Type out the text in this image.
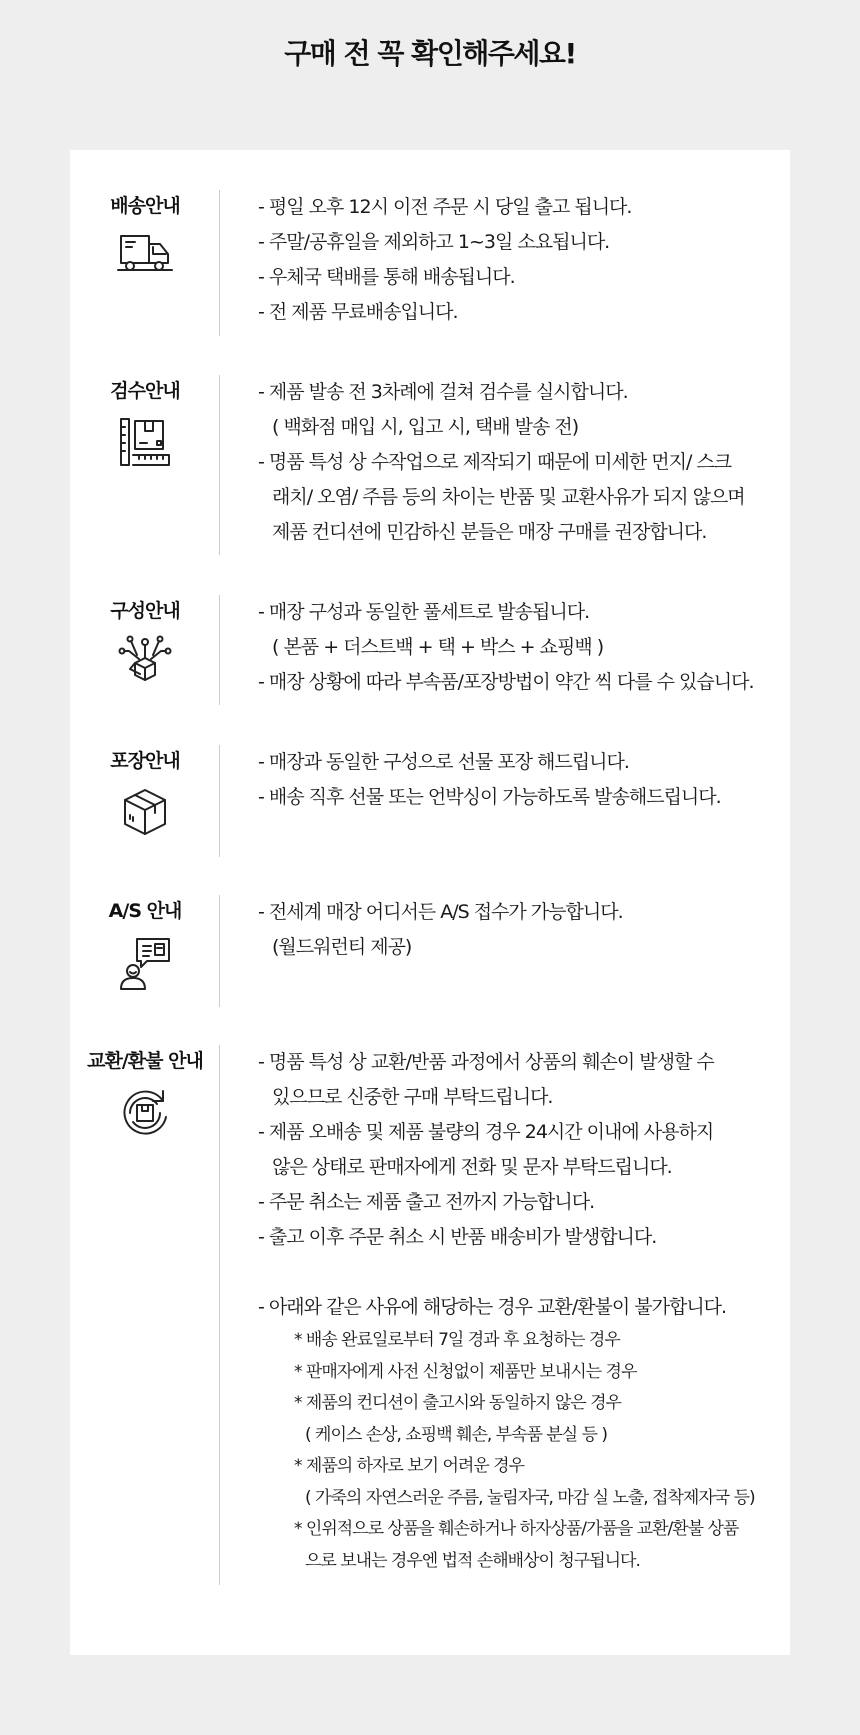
구매 전 꼭 확인해주세요!
배송안내	- 평일 오후 12시 이전 주문 시 당일 출고 됩니다.
- 주말/공휴일을 제외하고 1~3일 소요됩니다.
- 우체국 택배를 통해 배송됩니다.
- 전 제품 무료배송입니다.
검수안내	- 제품 발송 전 3차례에 걸쳐 검수를 실시합니다.
( 백화점 매입 시, 입고 시, 택배 발송 전)
- 명품 특성 상 수작업으로 제작되기 때문에 미세한 먼지/ 스크
래치/ 오염/ 주름 등의 차이는 반품 및 교환사유가 되지 않으며
제품 컨디션에 민감하신 분들은 매장 구매를 권장합니다.
구성안내	- 매장 구성과 동일한 풀세트로 발송됩니다.
( 본품 + 더스트백 + 택 + 박스 + 쇼핑백 )
- 매장 상황에 따라 부속품/포장방법이 약간 씩 다를 수 있습니다.
포장안내	- 매장과 동일한 구성으로 선물 포장 해드립니다.
- 배송 직후 선물 또는 언박싱이 가능하도록 발송해드립니다.
A/S 안내	- 전세계 매장 어디서든 A/S 접수가 가능합니다.
(월드워런티 제공)
교환/환불 안내	- 명품 특성 상 교환/반품 과정에서 상품의 훼손이 발생할 수
있으므로 신중한 구매 부탁드립니다.
- 제품 오배송 및 제품 불량의 경우 24시간 이내에 사용하지
않은 상태로 판매자에게 전화 및 문자 부탁드립니다.
- 주문 취소는 제품 출고 전까지 가능합니다.
- 출고 이후 주문 취소 시 반품 배송비가 발생합니다.
- 아래와 같은 사유에 해당하는 경우 교환/환불이 불가합니다.
* 배송 완료일로부터 7일 경과 후 요청하는 경우
* 판매자에게 사전 신청없이 제품만 보내시는 경우
* 제품의 컨디션이 출고시와 동일하지 않은 경우
( 케이스 손상, 쇼핑백 훼손, 부속품 분실 등 )
* 제품의 하자로 보기 어려운 경우
( 가죽의 자연스러운 주름, 눌림자국, 마감 실 노출, 접착제자국 등)
* 인위적으로 상품을 훼손하거나 하자상품/가품을 교환/환불 상품
으로 보내는 경우엔 법적 손해배상이 청구됩니다.
